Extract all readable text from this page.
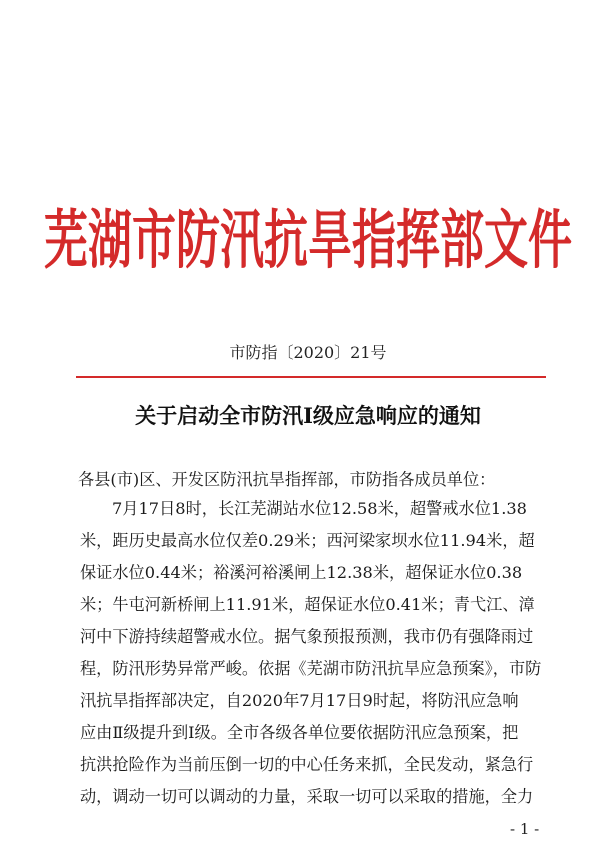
芜湖市防汛抗旱指挥部文件
市防指〔2020〕21号
关于启动全市防汛Ⅰ级应急响应的通知
各县(市)区、开发区防汛抗旱指挥部，市防指各成员单位：
7月17日8时，长江芜湖站水位12.58米，超警戒水位1.38
米，距历史最高水位仅差0.29米；西河梁家坝水位11.94米，超
保证水位0.44米；裕溪河裕溪闸上12.38米，超保证水位0.38
米；牛屯河新桥闸上11.91米，超保证水位0.41米；青弋江、漳
河中下游持续超警戒水位。据气象预报预测，我市仍有强降雨过
程，防汛形势异常严峻。依据《芜湖市防汛抗旱应急预案》，市防
汛抗旱指挥部决定，自2020年7月17日9时起，将防汛应急响
应由Ⅱ级提升到Ⅰ级。全市各级各单位要依据防汛应急预案，把
抗洪抢险作为当前压倒一切的中心任务来抓，全民发动，紧急行
动，调动一切可以调动的力量，采取一切可以采取的措施，全力
- 1 -
